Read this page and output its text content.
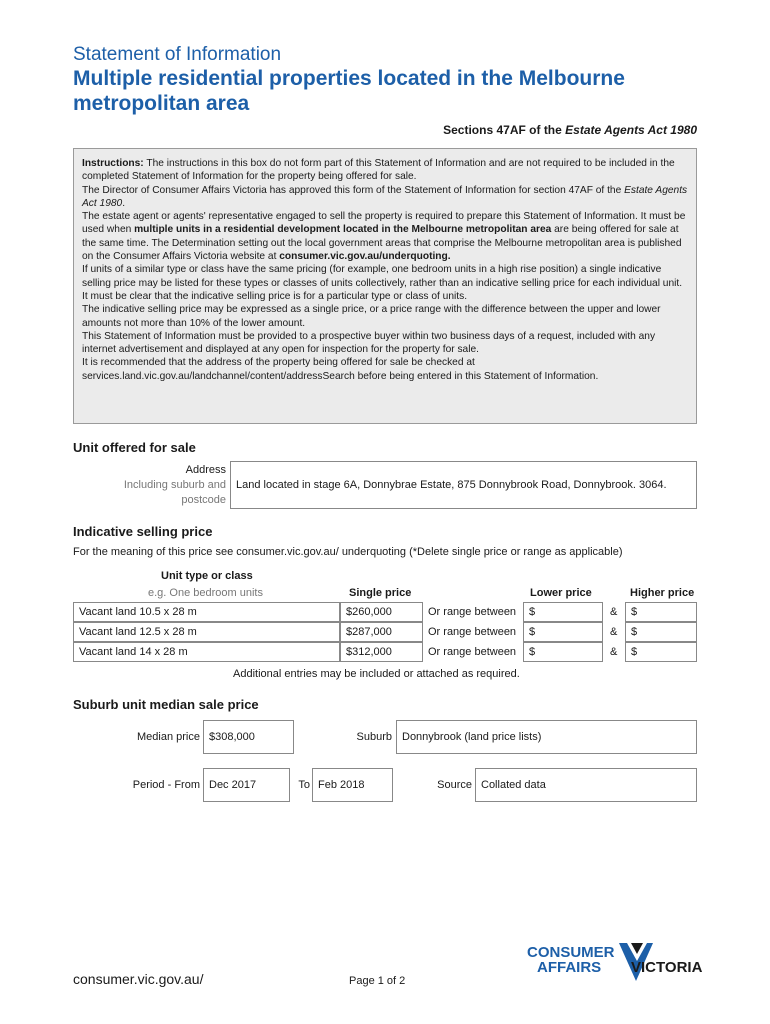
Statement of Information
Multiple residential properties located in the Melbourne metropolitan area
Sections 47AF of the Estate Agents Act 1980

Instructions: The instructions in this box do not form part of this Statement of Information and are not required to be included in the completed Statement of Information for the property being offered for sale.

The Director of Consumer Affairs Victoria has approved this form of the Statement of Information for section 47AF of the Estate Agents Act 1980.

The estate agent or agents' representative engaged to sell the property is required to prepare this Statement of Information. It must be used when multiple units in a residential development located in the Melbourne metropolitan area are being offered for sale at the same time. The Determination setting out the local government areas that comprise the Melbourne metropolitan area is published on the Consumer Affairs Victoria website at consumer.vic.gov.au/underquoting.

If units of a similar type or class have the same pricing (for example, one bedroom units in a high rise position) a single indicative selling price may be listed for these types or classes of units collectively, rather than an indicative selling price for each individual unit. It must be clear that the indicative selling price is for a particular type or class of units.

The indicative selling price may be expressed as a single price, or a price range with the difference between the upper and lower amounts not more than 10% of the lower amount.

This Statement of Information must be provided to a prospective buyer within two business days of a request, included with any internet advertisement and displayed at any open for inspection for the property for sale.

It is recommended that the address of the property being offered for sale be checked at services.land.vic.gov.au/landchannel/content/addressSearch before being entered in this Statement of Information.

Unit offered for sale
Address
Including suburb and
postcode
Land located in stage 6A, Donnybrae Estate, 875 Donnybrook Road, Donnybrook. 3064.
Indicative selling price
For the meaning of this price see consumer.vic.gov.au/ underquoting (*Delete single price or range as applicable)
Unit type or class
e.g. One bedroom units	Single price	Lower price	Higher price
Vacant land 10.5 x 28 m	$260,000	Or range between	$	&	$
Vacant land 12.5 x 28 m	$287,000	Or range between	$	&	$
Vacant land 14 x 28 m	$312,000	Or range between	$	&	$
Additional entries may be included or attached as required.
Suburb unit median sale price
Median price $308,000	Suburb Donnybrook (land price lists)
Period - From Dec 2017	To Feb 2018	Source Collated data
consumer.vic.gov.au/	Page 1 of 2
CONSUMER
AFFAIRS VICTORIA
